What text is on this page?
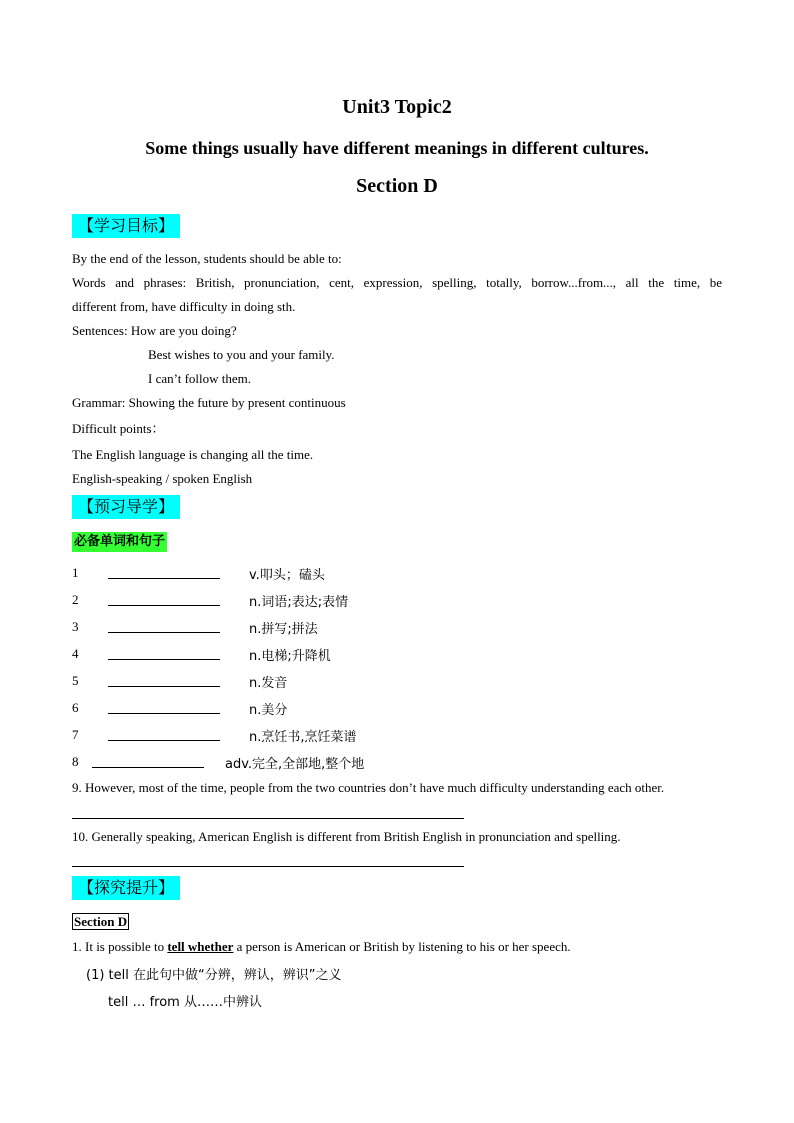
Unit3 Topic2
Some things usually have different meanings in different cultures.
Section D
【学习目标】
By the end of the lesson, students should be able to:
Words and phrases: British, pronunciation, cent, expression, spelling, totally, borrow...from..., all the time, be
different from, have difficulty in doing sth.
Sentences: How are you doing?
Best wishes to you and your family.
I can’t follow them.
Grammar: Showing the future by present continuous
Difficult points：
The English language is changing all the time.
English-speaking / spoken English
【预习导学】
必备单词和句子
1	v.叩头；磕头
2	n.词语;表达;表情
3	n.拼写;拼法
4	n.电梯;升降机
5	n.发音
6	n.美分
7	n.烹饪书,烹饪菜谱
8	adv.完全,全部地,整个地
9. However, most of the time, people from the two countries don’t have much difficulty understanding each other.
10. Generally speaking, American English is different from British English in pronunciation and spelling.
【探究提升】
Section D
1. It is possible to tell whether a person is American or British by listening to his or her speech.
(1) tell 在此句中做“分辨，辨认，辨识”之义
tell … from 从……中辨认
